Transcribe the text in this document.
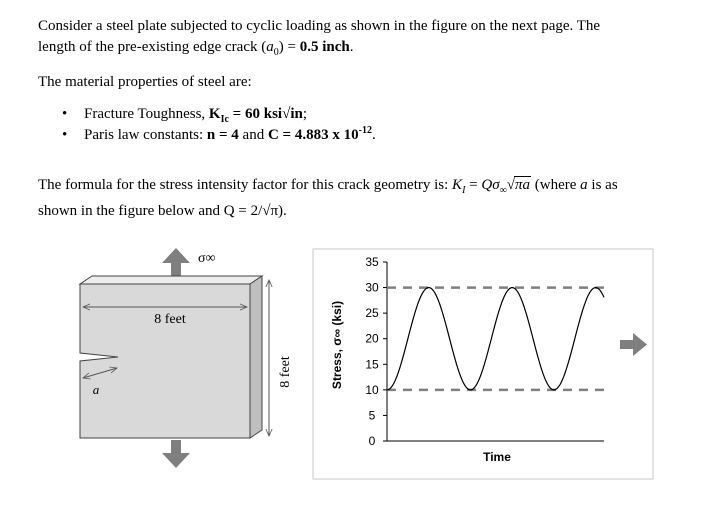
Consider a steel plate subjected to cyclic loading as shown in the figure on the next page. The
length of the pre-existing edge crack $(a_0) = 0.5$ inch.

The material properties of steel are:

• Fracture Toughness, $K_{Ic} = 60$ ksi√in;
• Paris law constants: n = 4 and C = 4.883 x $10^{-12}$.

The formula for the stress intensity factor for this crack geometry is: $K_I = Q\sigma_\infty√\pi a$ (where a is as
shown in the figure below and Q = 2/√π).

σ∞
8 feet
a
8 feet
0
5
10
15
20
25
30
35
Stress, σ∞ (ksi)
Time
